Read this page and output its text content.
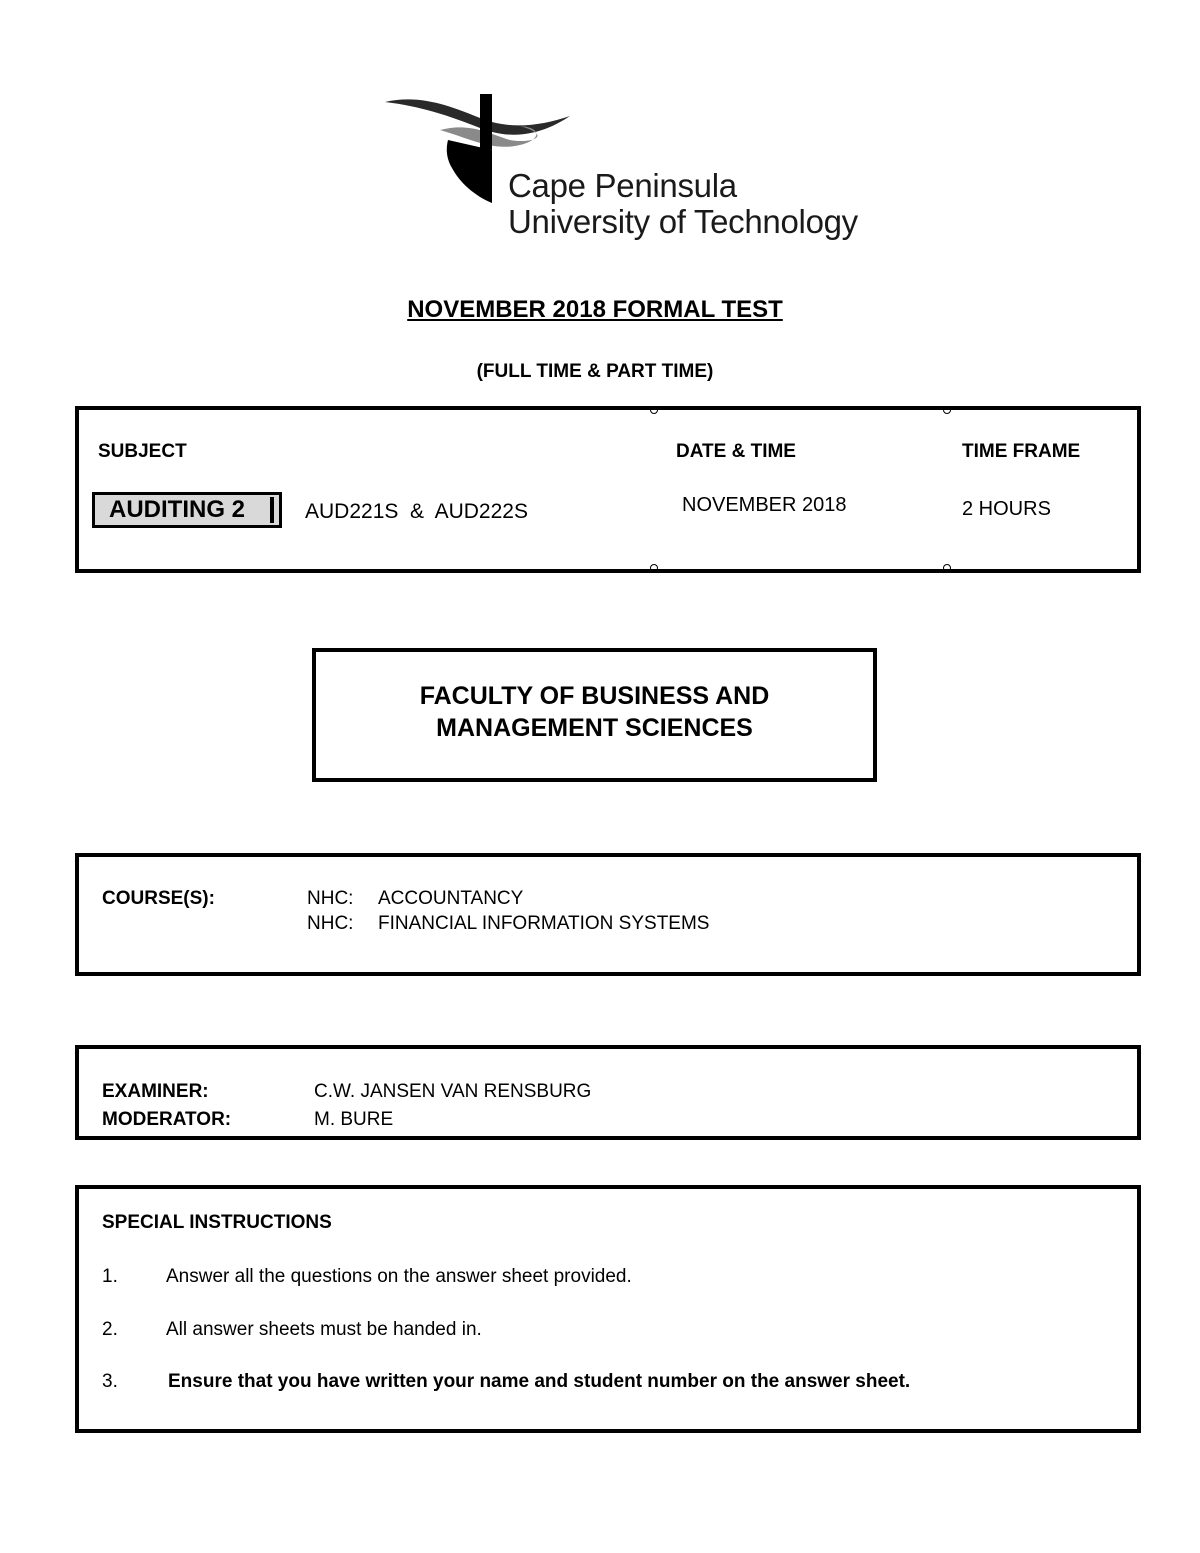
Cape Peninsula
University of Technology
NOVEMBER 2018 FORMAL TEST
(FULL TIME & PART TIME)
SUBJECT	DATE & TIME	TIME FRAME
AUDITING 2	AUD221S  &  AUD222S	NOVEMBER 2018	2 HOURS
FACULTY OF BUSINESS AND
MANAGEMENT SCIENCES
COURSE(S):	NHC: ACCOUNTANCY
NHC: FINANCIAL INFORMATION SYSTEMS
EXAMINER:	C.W. JANSEN VAN RENSBURG
MODERATOR:	M. BURE
SPECIAL INSTRUCTIONS
1.	Answer all the questions on the answer sheet provided.
2.	All answer sheets must be handed in.
3.	Ensure that you have written your name and student number on the answer sheet.
